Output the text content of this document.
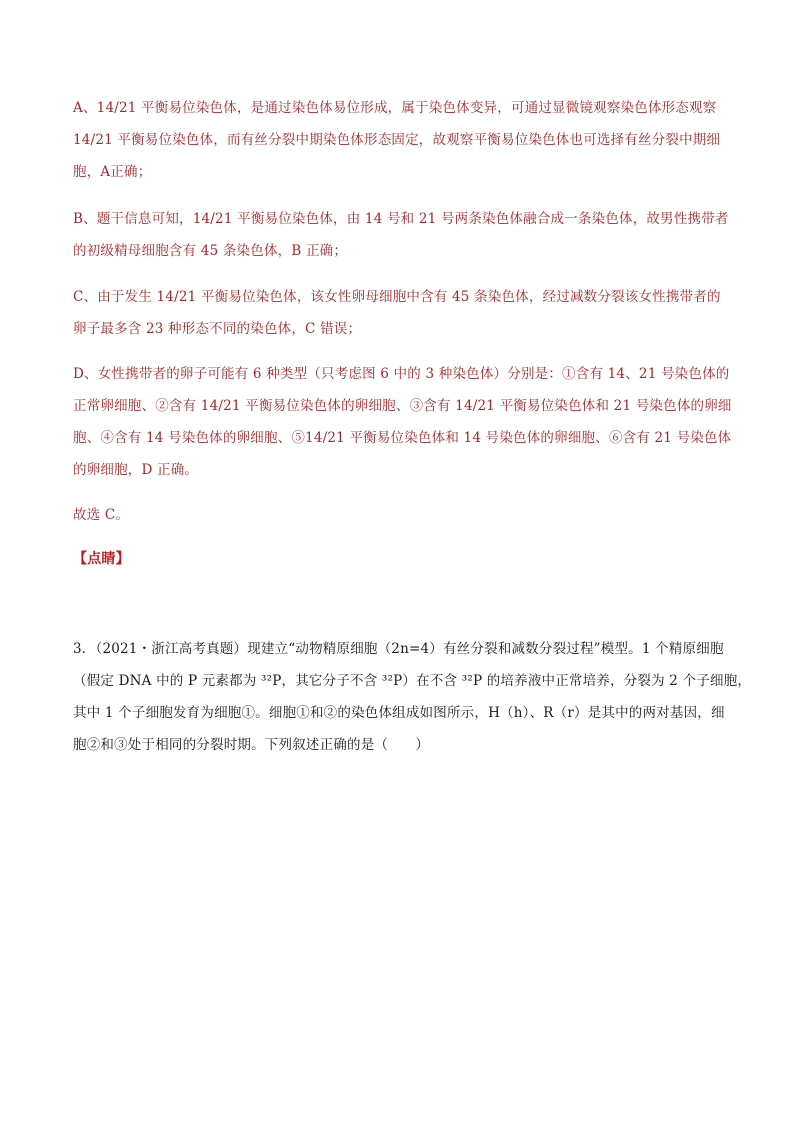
A、14/21 平衡易位染色体，是通过染色体易位形成，属于染色体变异，可通过显微镜观察染色体形态观察
14/21 平衡易位染色体，而有丝分裂中期染色体形态固定，故观察平衡易位染色体也可选择有丝分裂中期细
胞，A正确；
B、题干信息可知，14/21 平衡易位染色体，由 14 号和 21 号两条染色体融合成一条染色体，故男性携带者
的初级精母细胞含有 45 条染色体，B 正确；
C、由于发生 14/21 平衡易位染色体，该女性卵母细胞中含有 45 条染色体，经过减数分裂该女性携带者的
卵子最多含 23 种形态不同的染色体，C 错误；
D、女性携带者的卵子可能有 6 种类型（只考虑图 6 中的 3 种染色体）分别是：①含有 14、21 号染色体的
正常卵细胞、②含有 14/21 平衡易位染色体的卵细胞、③含有 14/21 平衡易位染色体和 21 号染色体的卵细
胞、④含有 14 号染色体的卵细胞、⑤14/21 平衡易位染色体和 14 号染色体的卵细胞、⑥含有 21 号染色体
的卵细胞，D 正确。
故选 C。
【点睛】
3．（2021・浙江高考真题）现建立“动物精原细胞（2n=4）有丝分裂和减数分裂过程”模型。1 个精原细胞
（假定 DNA 中的 P 元素都为 ³²P，其它分子不含 ³²P）在不含 ³²P 的培养液中正常培养，分裂为 2 个子细胞，
其中 1 个子细胞发育为细胞①。细胞①和②的染色体组成如图所示，H（h）、R（r）是其中的两对基因，细
胞②和③处于相同的分裂时期。下列叙述正确的是（　　）
